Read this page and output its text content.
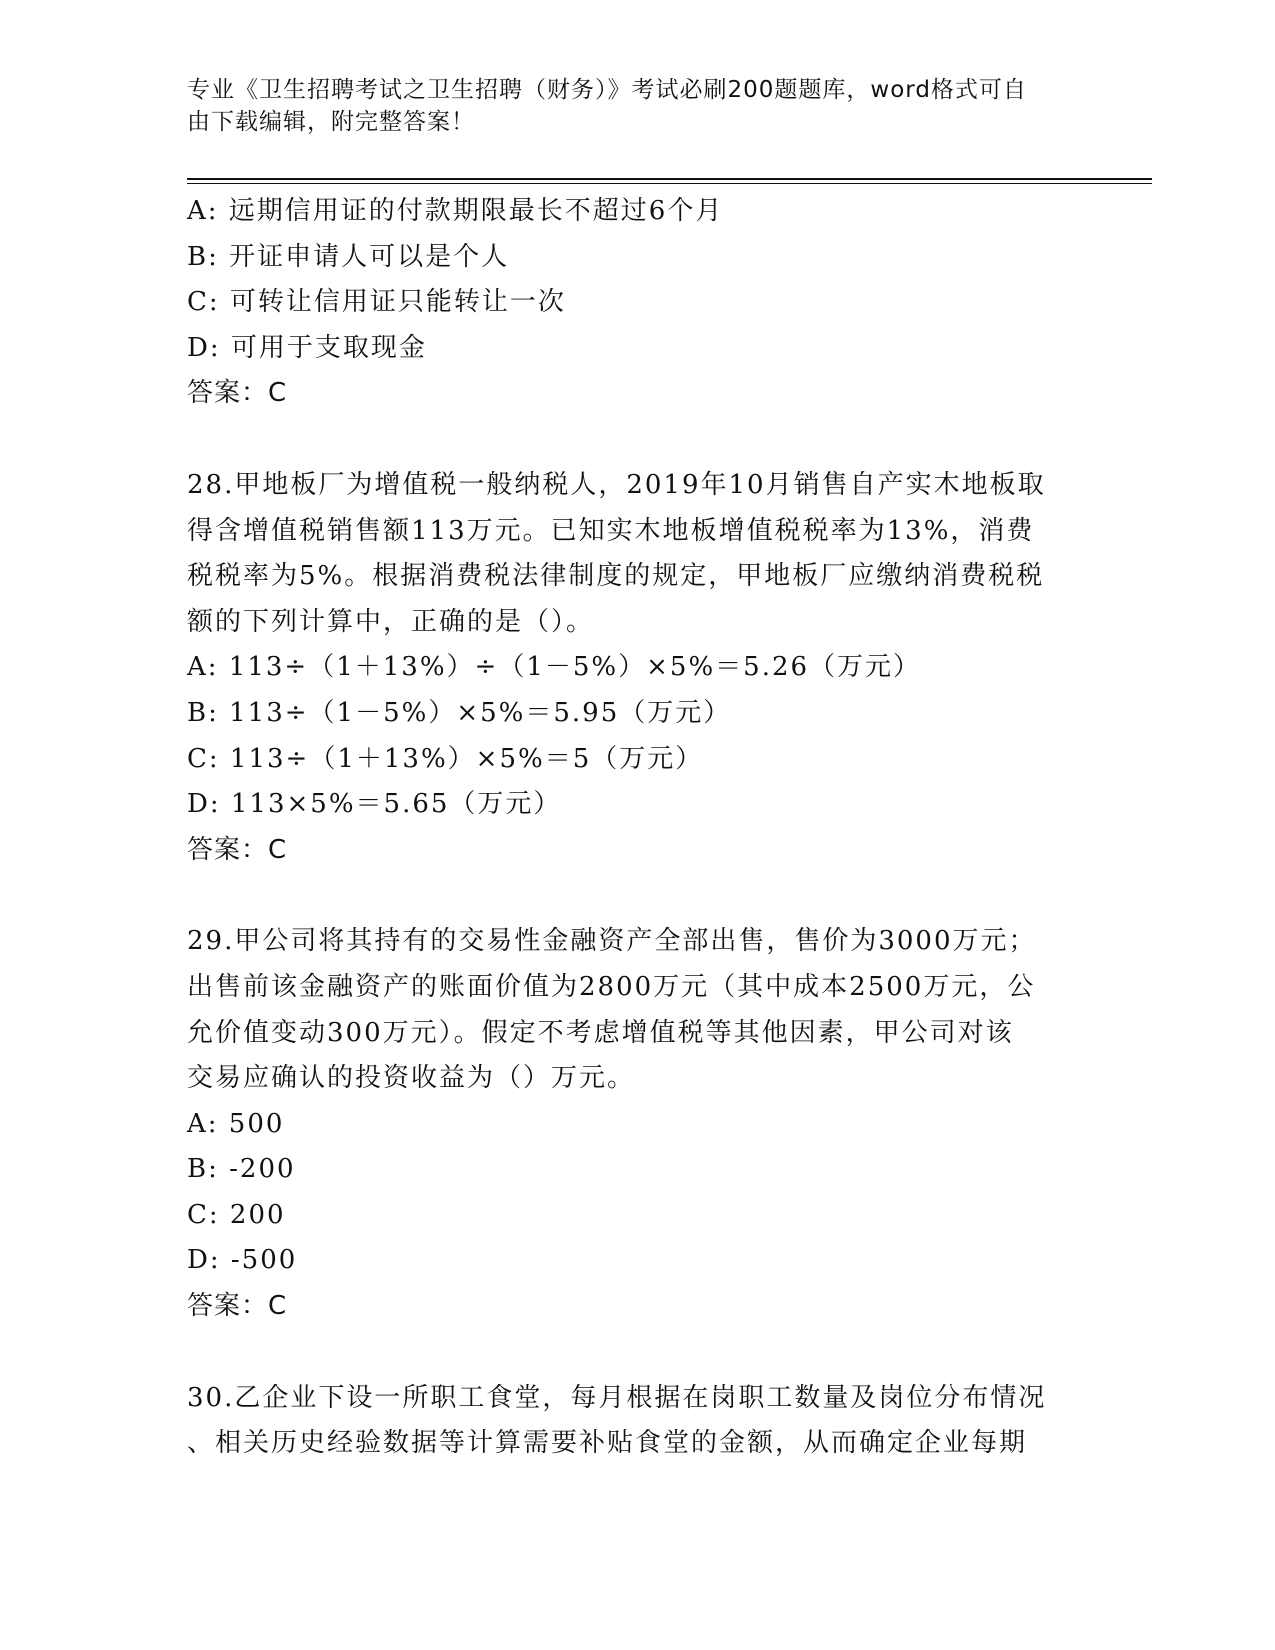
专业《卫生招聘考试之卫生招聘（财务）》考试必刷200题题库，word格式可自
由下载编辑，附完整答案！
A: 远期信用证的付款期限最长不超过6个月
B: 开证申请人可以是个人
C: 可转让信用证只能转让一次
D: 可用于支取现金
答案：C
28.甲地板厂为增值税一般纳税人，2019年10月销售自产实木地板取
得含增值税销售额113万元。已知实木地板增值税税率为13%，消费
税税率为5%。根据消费税法律制度的规定，甲地板厂应缴纳消费税税
额的下列计算中，正确的是（）。
A: 113÷（1＋13%）÷（1－5%）×5%＝5.26（万元）
B: 113÷（1－5%）×5%＝5.95（万元）
C: 113÷（1＋13%）×5%＝5（万元）
D: 113×5%＝5.65（万元）
答案：C
29.甲公司将其持有的交易性金融资产全部出售，售价为3000万元；
出售前该金融资产的账面价值为2800万元（其中成本2500万元，公
允价值变动300万元）。假定不考虑增值税等其他因素，甲公司对该
交易应确认的投资收益为（）万元。
A: 500
B: -200
C: 200
D: -500
答案：C
30.乙企业下设一所职工食堂，每月根据在岗职工数量及岗位分布情况
、相关历史经验数据等计算需要补贴食堂的金额，从而确定企业每期
